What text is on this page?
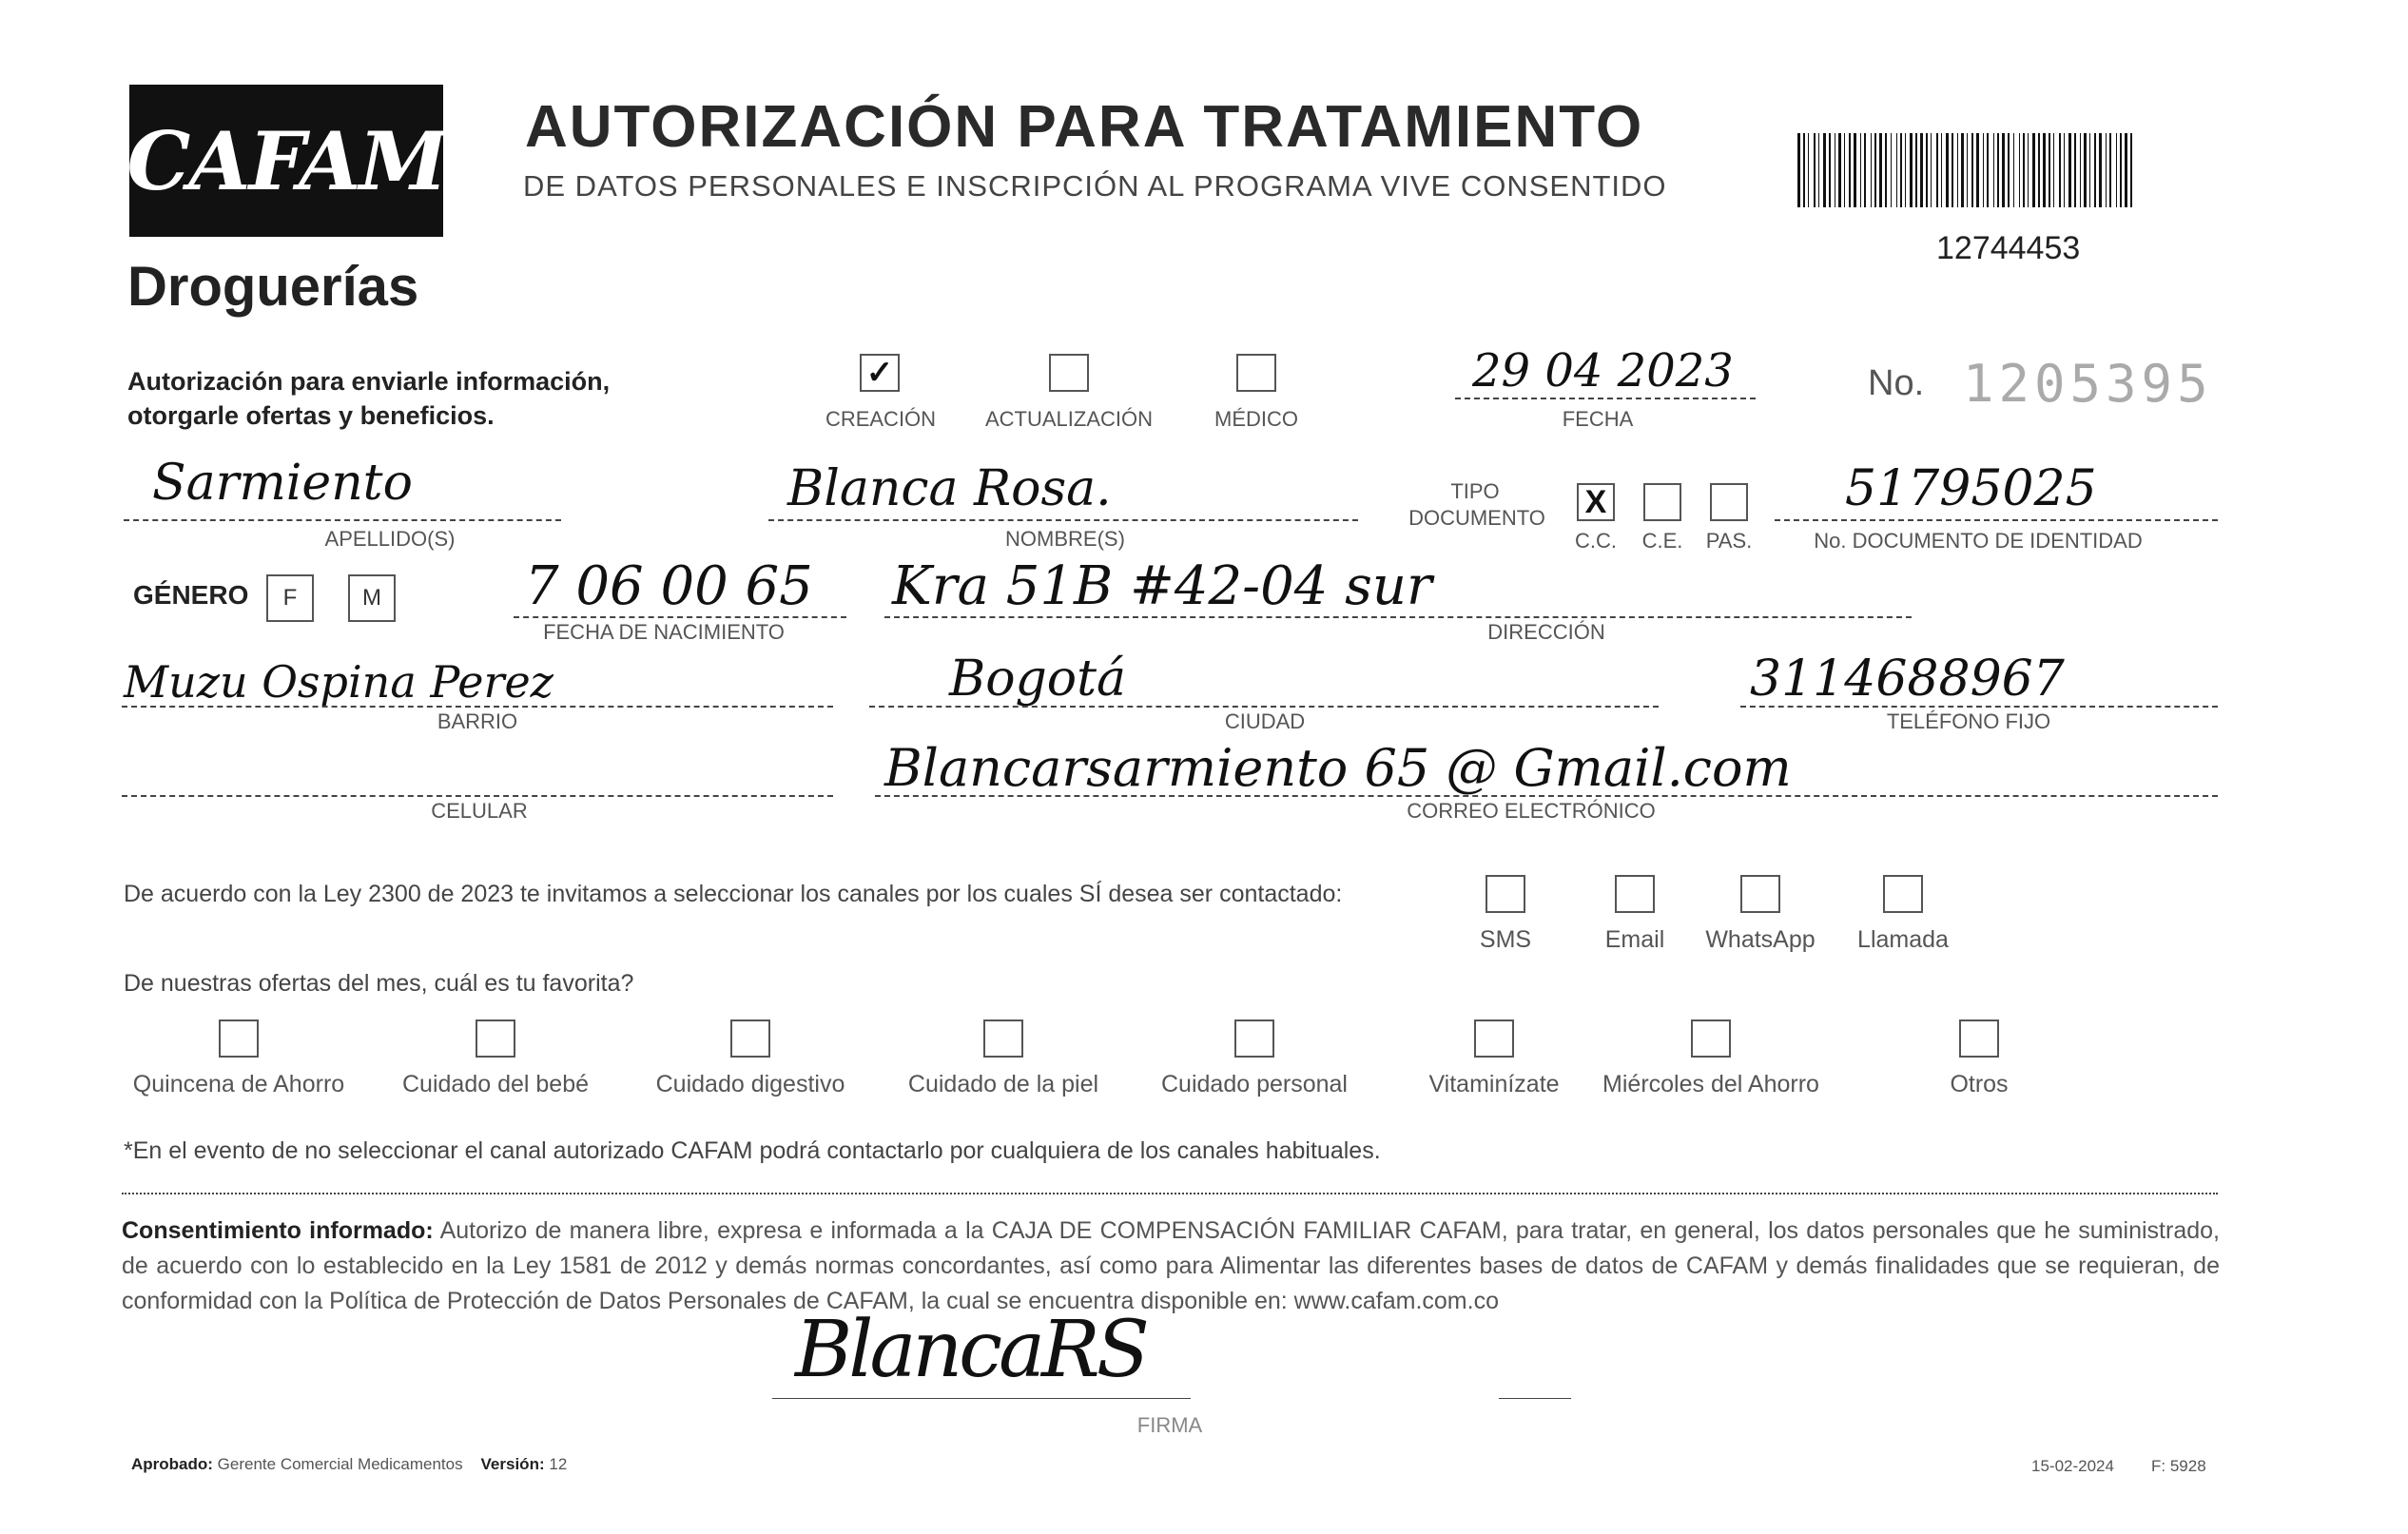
CAFAM
Droguerías
AUTORIZACIÓN PARA TRATAMIENTO
DE DATOS PERSONALES E INSCRIPCIÓN AL PROGRAMA VIVE CONSENTIDO
12744453
Autorización para enviarle información,
otorgarle ofertas y beneficios.
✓
CREACIÓN	ACTUALIZACIÓN	MÉDICO
29 04 2023
FECHA
No. 1205395
Sarmiento
APELLIDO(S)
Blanca Rosa.
NOMBRE(S)
TIPO
DOCUMENTO	X
C.C.	C.E.	PAS.
51795025
No. DOCUMENTO DE IDENTIDAD
GÉNERO	F	M	7 06 00 65
FECHA DE NACIMIENTO
Kra 51B #42-04 sur
DIRECCIÓN
Muzu Ospina Perez
BARRIO
Bogotá
CIUDAD
3114688967
TELÉFONO FIJO
CELULAR
Blancarsarmiento 65 @ Gmail.com
CORREO ELECTRÓNICO
De acuerdo con la Ley 2300 de 2023 te invitamos a seleccionar los canales por los cuales SÍ desea ser contactado:
SMS	Email	WhatsApp	Llamada
De nuestras ofertas del mes, cuál es tu favorita?
Quincena de Ahorro	Cuidado del bebé	Cuidado digestivo	Cuidado de la piel	Cuidado personal	Vitaminízate	Miércoles del Ahorro	Otros
*En el evento de no seleccionar el canal autorizado CAFAM podrá contactarlo por cualquiera de los canales habituales.
Consentimiento informado: Autorizo de manera libre, expresa e informada a la CAJA DE COMPENSACIÓN FAMILIAR CAFAM, para tratar, en general, los datos personales que he suministrado, de acuerdo con lo establecido en la Ley 1581 de 2012 y demás normas concordantes, así como para Alimentar las diferentes bases de datos de CAFAM y demás finalidades que se requieran, de conformidad con la Política de Protección de Datos Personales de CAFAM, la cual se encuentra disponible en: www.cafam.com.co
BlancaRS
FIRMA
Aprobado: Gerente Comercial Medicamentos Versión: 12	15-02-2024 F: 5928
